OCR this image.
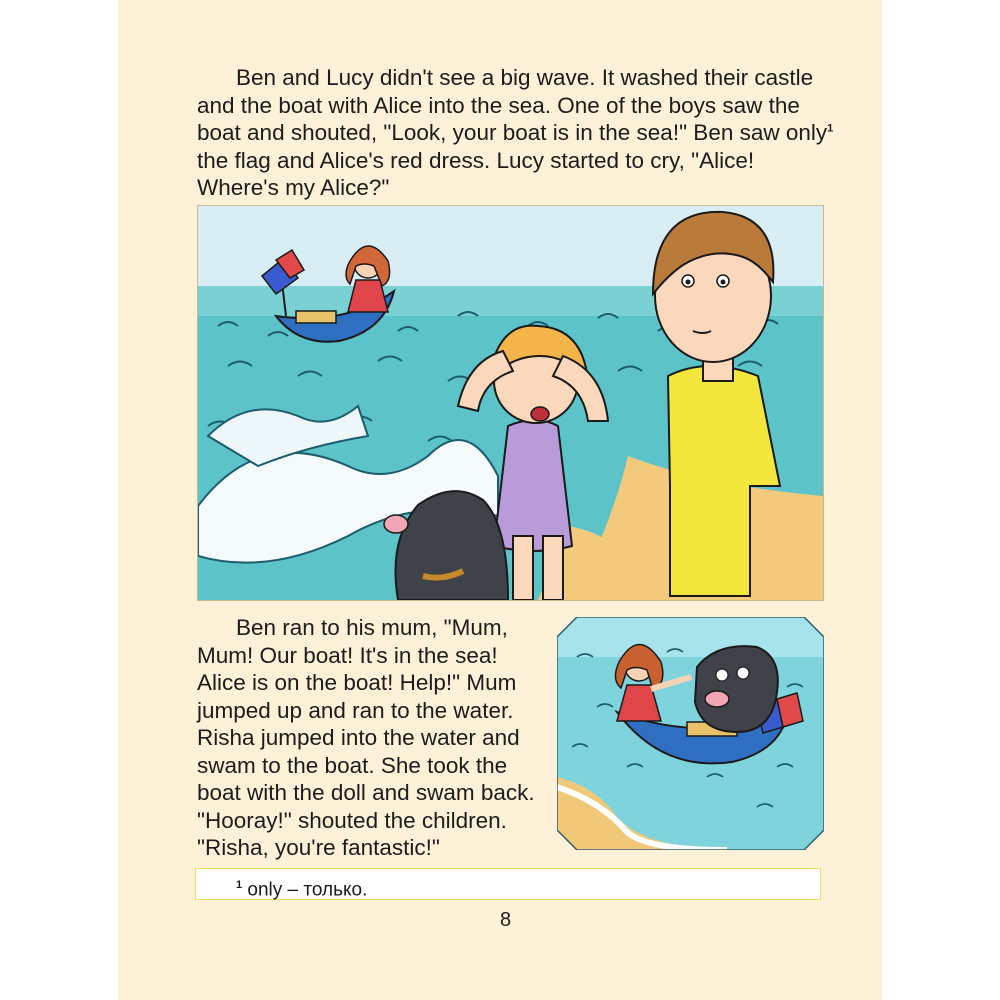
Ben and Lucy didn't see a big wave. It washed their castle and the boat with Alice into the sea. One of the boys saw the boat and shouted, "Look, your boat is in the sea!" Ben saw only$^1$ the flag and Alice's red dress. Lucy started to cry, "Alice! Where's my Alice?"

Ben ran to his mum, "Mum, Mum! Our boat! It's in the sea! Alice is on the boat! Help!" Mum jumped up and ran to the water. Risha jumped into the water and swam to the boat. She took the boat with the doll and swam back. "Hooray!" shouted the children. "Risha, you're fantastic!"

$^1$ only – только.
8
